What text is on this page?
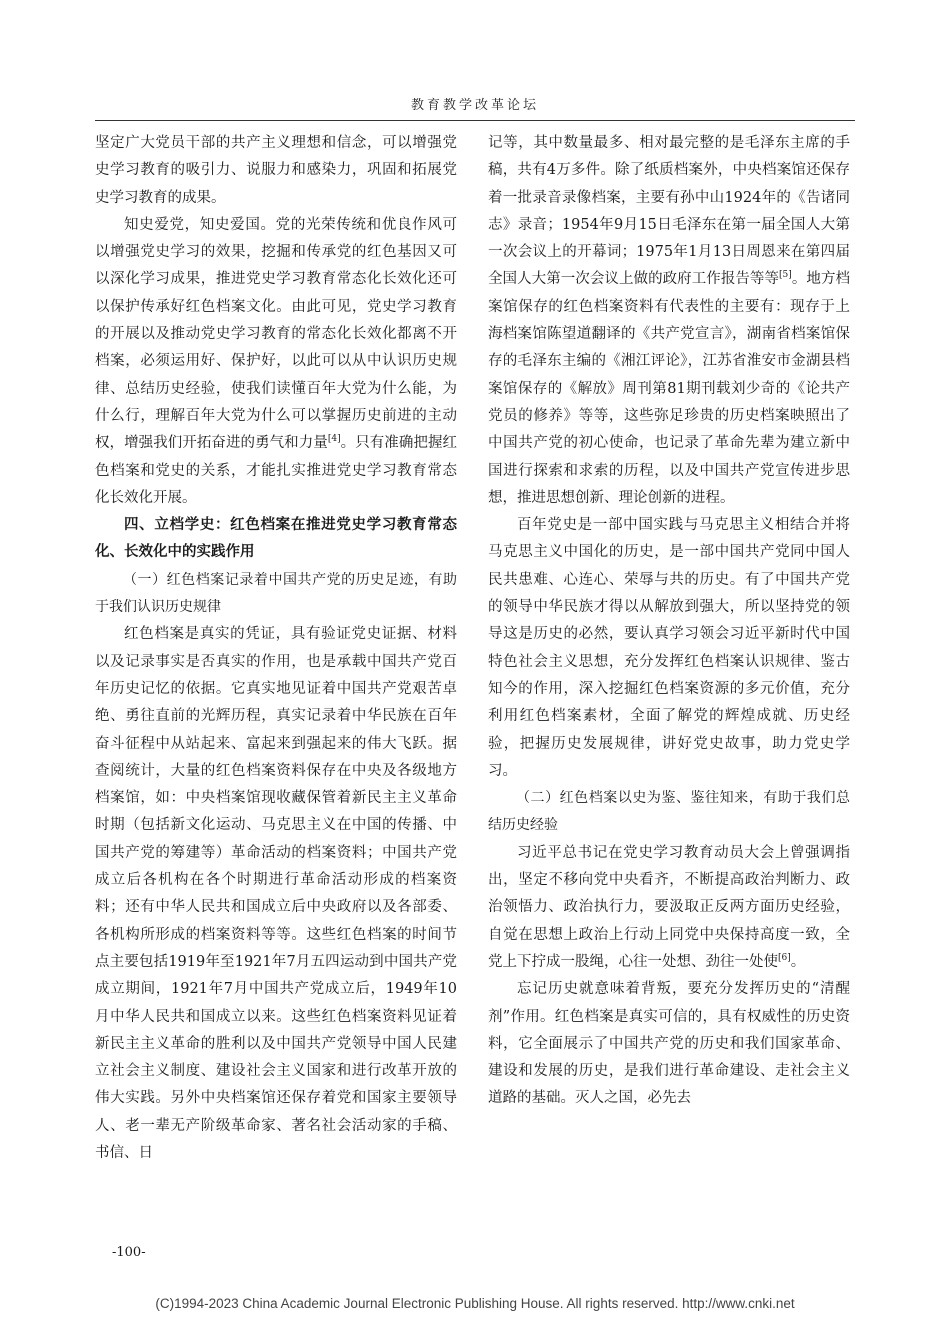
教育教学改革论坛

坚定广大党员干部的共产主义理想和信念，可以增强党史学习教育的吸引力、说服力和感染力，巩固和拓展党史学习教育的成果。

知史爱党，知史爱国。党的光荣传统和优良作风可以增强党史学习的效果，挖掘和传承党的红色基因又可以深化学习成果，推进党史学习教育常态化长效化还可以保护传承好红色档案文化。由此可见，党史学习教育的开展以及推动党史学习教育的常态化长效化都离不开档案，必须运用好、保护好，以此可以从中认识历史规律、总结历史经验，使我们读懂百年大党为什么能，为什么行，理解百年大党为什么可以掌握历史前进的主动权，增强我们开拓奋进的勇气和力量[4]。只有准确把握红色档案和党史的关系，才能扎实推进党史学习教育常态化长效化开展。

四、立档学史：红色档案在推进党史学习教育常态化、长效化中的实践作用
（一）红色档案记录着中国共产党的历史足迹，有助于我们认识历史规律

红色档案是真实的凭证，具有验证党史证据、材料以及记录事实是否真实的作用，也是承载中国共产党百年历史记忆的依据。它真实地见证着中国共产党艰苦卓绝、勇往直前的光辉历程，真实记录着中华民族在百年奋斗征程中从站起来、富起来到强起来的伟大飞跃。据查阅统计，大量的红色档案资料保存在中央及各级地方档案馆，如：中央档案馆现收藏保管着新民主主义革命时期（包括新文化运动、马克思主义在中国的传播、中国共产党的筹建等）革命活动的档案资料；中国共产党成立后各机构在各个时期进行革命活动形成的档案资料；还有中华人民共和国成立后中央政府以及各部委、各机构所形成的档案资料等等。这些红色档案的时间节点主要包括1919年至1921年7月五四运动到中国共产党成立期间，1921年7月中国共产党成立后，1949年10月中华人民共和国成立以来。这些红色档案资料见证着新民主主义革命的胜利以及中国共产党领导中国人民建立社会主义制度、建设社会主义国家和进行改革开放的伟大实践。另外中央档案馆还保存着党和国家主要领导人、老一辈无产阶级革命家、著名社会活动家的手稿、书信、日

记等，其中数量最多、相对最完整的是毛泽东主席的手稿，共有4万多件。除了纸质档案外，中央档案馆还保存着一批录音录像档案，主要有孙中山1924年的《告诸同志》录音；1954年9月15日毛泽东在第一届全国人大第一次会议上的开幕词；1975年1月13日周恩来在第四届全国人大第一次会议上做的政府工作报告等等[5]。地方档案馆保存的红色档案资料有代表性的主要有：现存于上海档案馆陈望道翻译的《共产党宣言》，湖南省档案馆保存的毛泽东主编的《湘江评论》，江苏省淮安市金湖县档案馆保存的《解放》周刊第81期刊载刘少奇的《论共产党员的修养》等等，这些弥足珍贵的历史档案映照出了中国共产党的初心使命，也记录了革命先辈为建立新中国进行探索和求索的历程，以及中国共产党宣传进步思想，推进思想创新、理论创新的进程。

百年党史是一部中国实践与马克思主义相结合并将马克思主义中国化的历史，是一部中国共产党同中国人民共患难、心连心、荣辱与共的历史。有了中国共产党的领导中华民族才得以从解放到强大，所以坚持党的领导这是历史的必然，要认真学习领会习近平新时代中国特色社会主义思想，充分发挥红色档案认识规律、鉴古知今的作用，深入挖掘红色档案资源的多元价值，充分利用红色档案素材，全面了解党的辉煌成就、历史经验，把握历史发展规律，讲好党史故事，助力党史学习。

（二）红色档案以史为鉴、鉴往知来，有助于我们总结历史经验

习近平总书记在党史学习教育动员大会上曾强调指出，坚定不移向党中央看齐，不断提高政治判断力、政治领悟力、政治执行力，要汲取正反两方面历史经验，自觉在思想上政治上行动上同党中央保持高度一致，全党上下拧成一股绳，心往一处想、劲往一处使[6]。

忘记历史就意味着背叛，要充分发挥历史的“清醒剂”作用。红色档案是真实可信的，具有权威性的历史资料，它全面展示了中国共产党的历史和我们国家革命、建设和发展的历史，是我们进行革命建设、走社会主义道路的基础。灭人之国，必先去

-100-
(C)1994-2023 China Academic Journal Electronic Publishing House. All rights reserved. http://www.cnki.net
